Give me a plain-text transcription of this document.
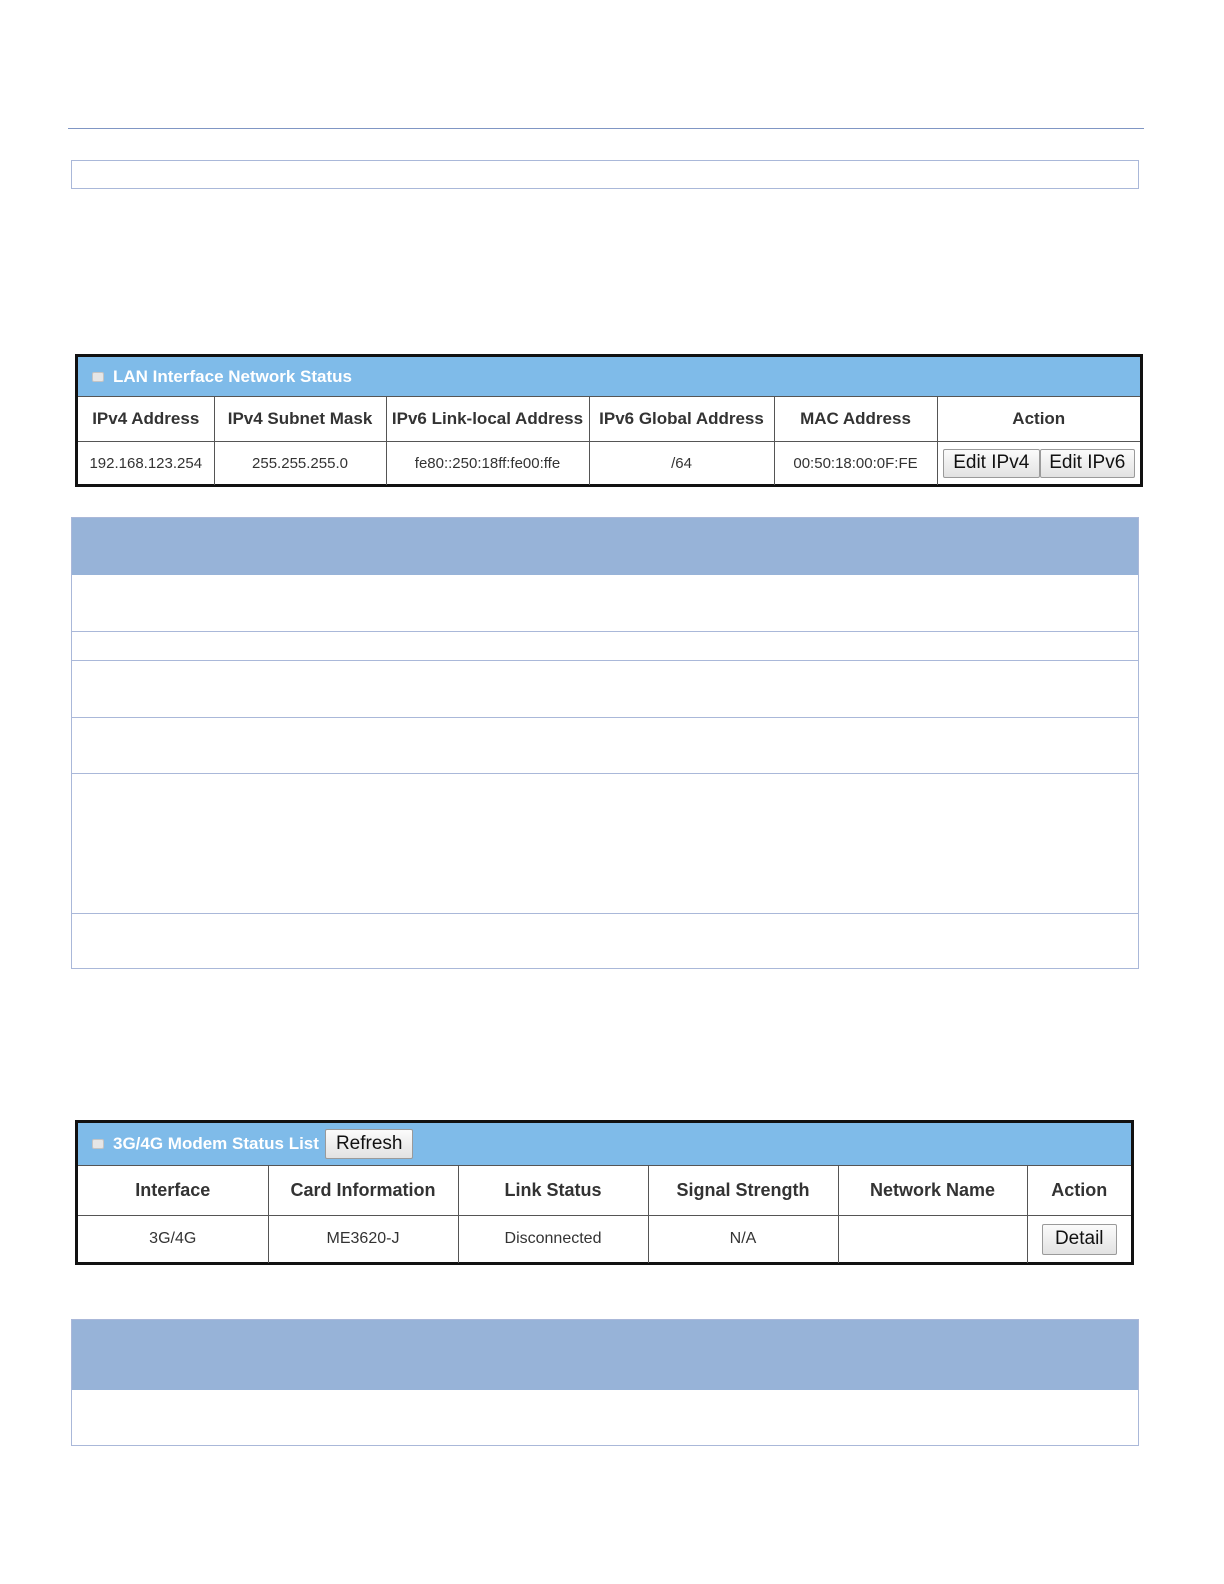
LAN Interface Network Status
IPv4 Address	IPv4 Subnet Mask	IPv6 Link-local Address	IPv6 Global Address	MAC Address	Action
192.168.123.254	255.255.255.0	fe80::250:18ff:fe00:ffe	/64	00:50:18:00:0F:FE	Edit IPv4 Edit IPv6
3G/4G Modem Status List Refresh
Interface	Card Information	Link Status	Signal Strength	Network Name	Action
3G/4G	ME3620-J	Disconnected	N/A		Detail
